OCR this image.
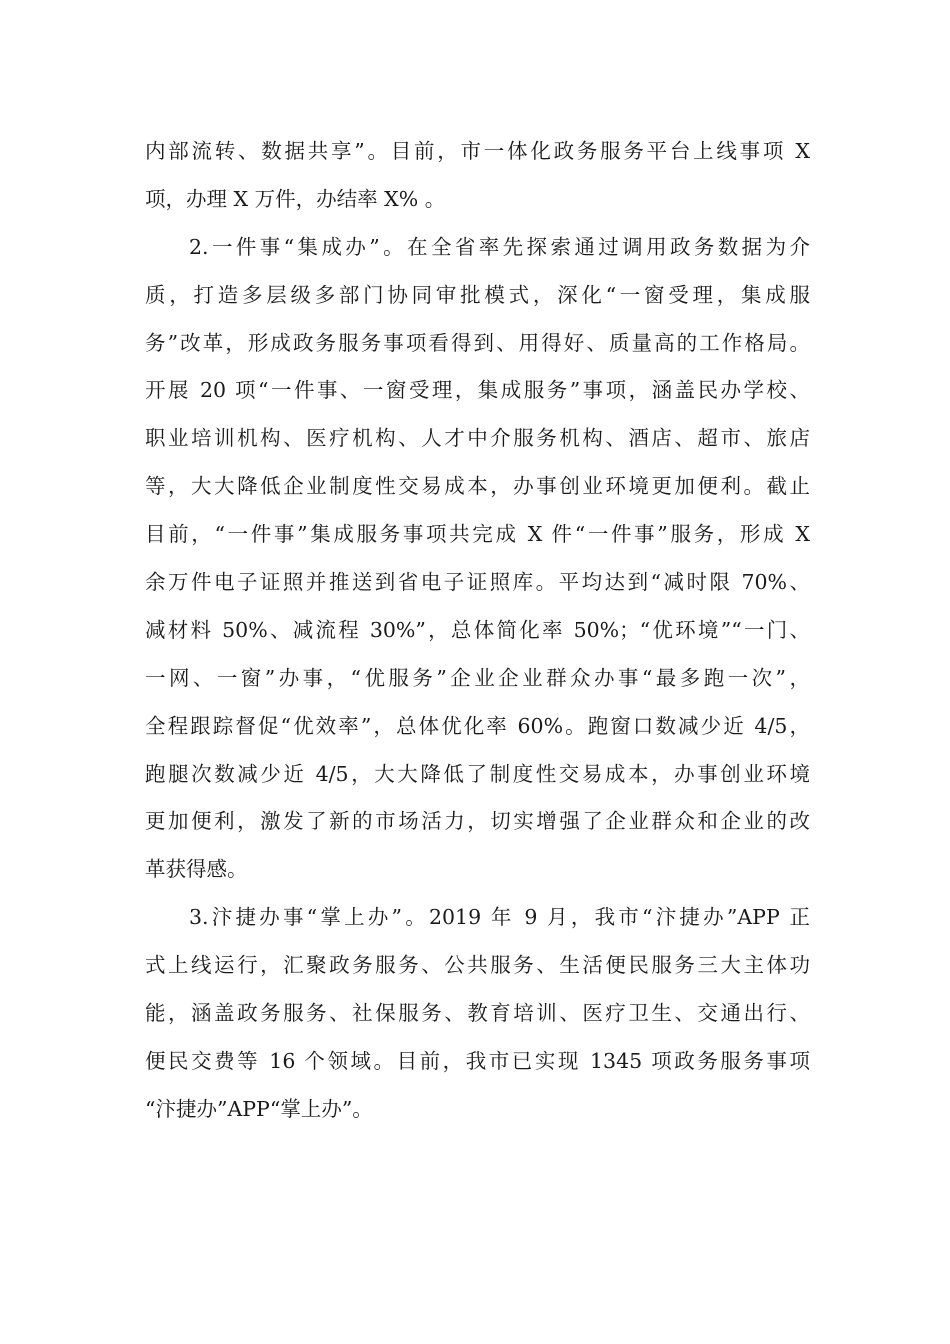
内部流转、数据共享”。目前，市一体化政务服务平台上线事项 X
项，办理 X 万件，办结率 X% 。
2.一件事“集成办”。在全省率先探索通过调用政务数据为介
质，打造多层级多部门协同审批模式，深化“一窗受理，集成服
务”改革，形成政务服务事项看得到、用得好、质量高的工作格局。
开展 20 项“一件事、一窗受理，集成服务”事项，涵盖民办学校、
职业培训机构、医疗机构、人才中介服务机构、酒店、超市、旅店
等，大大降低企业制度性交易成本，办事创业环境更加便利。截止
目前，“一件事”集成服务事项共完成 X 件“一件事”服务，形成 X
余万件电子证照并推送到省电子证照库。平均达到“减时限 70%、
减材料 50%、减流程 30%”，总体简化率 50%；“优环境”“一门、
一网、一窗”办事，“优服务”企业企业群众办事“最多跑一次”，
全程跟踪督促“优效率”，总体优化率 60%。跑窗口数减少近 4/5，
跑腿次数减少近 4/5，大大降低了制度性交易成本，办事创业环境
更加便利，激发了新的市场活力，切实增强了企业群众和企业的改
革获得感。
3.汴捷办事“掌上办”。2019 年 9 月，我市“汴捷办”APP 正
式上线运行，汇聚政务服务、公共服务、生活便民服务三大主体功
能，涵盖政务服务、社保服务、教育培训、医疗卫生、交通出行、
便民交费等 16 个领域。目前，我市已实现 1345 项政务服务事项
“汴捷办”APP“掌上办”。
